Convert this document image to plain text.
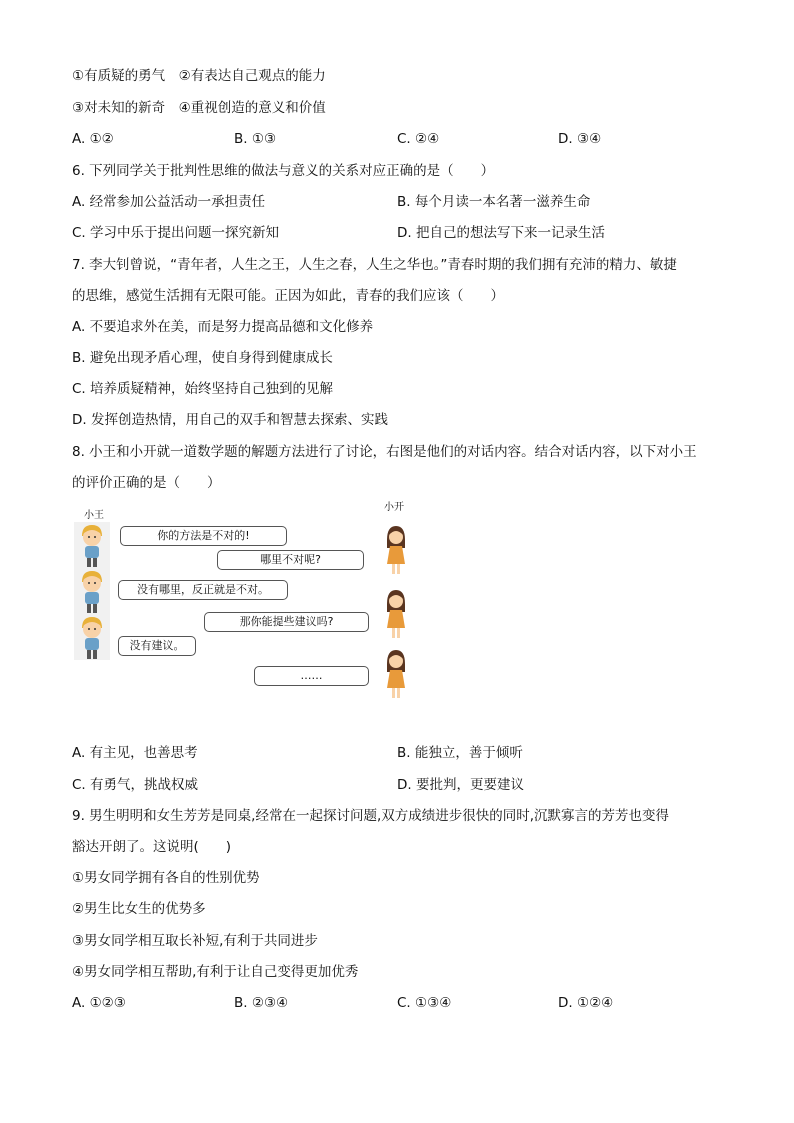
①有质疑的勇气　②有表达自己观点的能力
③对未知的新奇　④重视创造的意义和价值
A. ①②	B. ①③	C. ②④	D. ③④
6. 下列同学关于批判性思维的做法与意义的关系对应正确的是（　　）
A. 经常参加公益活动一承担责任	B. 每个月读一本名著一滋养生命
C. 学习中乐于提出问题一探究新知	D. 把自己的想法写下来一记录生活
7. 李大钊曾说，“青年者，人生之王，人生之春，人生之华也。”青春时期的我们拥有充沛的精力、敏捷
的思维，感觉生活拥有无限可能。正因为如此，青春的我们应该（　　）
A. 不要追求外在美，而是努力提高品德和文化修养
B. 避免出现矛盾心理，使自身得到健康成长
C. 培养质疑精神，始终坚持自己独到的见解
D. 发挥创造热情，用自己的双手和智慧去探索、实践
8. 小王和小开就一道数学题的解题方法进行了讨论，右图是他们的对话内容。结合对话内容，以下对小王
的评价正确的是（　　）
小王
小开
你的方法是不对的!
哪里不对呢?
没有哪里，反正就是不对。
那你能提些建议吗?
没有建议。
……
A. 有主见，也善思考	B. 能独立，善于倾听
C. 有勇气，挑战权威	D. 要批判，更要建议
9. 男生明明和女生芳芳是同桌,经常在一起探讨问题,双方成绩进步很快的同时,沉默寡言的芳芳也变得
豁达开朗了。这说明(　　)
①男女同学拥有各自的性别优势
②男生比女生的优势多
③男女同学相互取长补短,有利于共同进步
④男女同学相互帮助,有利于让自己变得更加优秀
A. ①②③	B. ②③④	C. ①③④	D. ①②④
